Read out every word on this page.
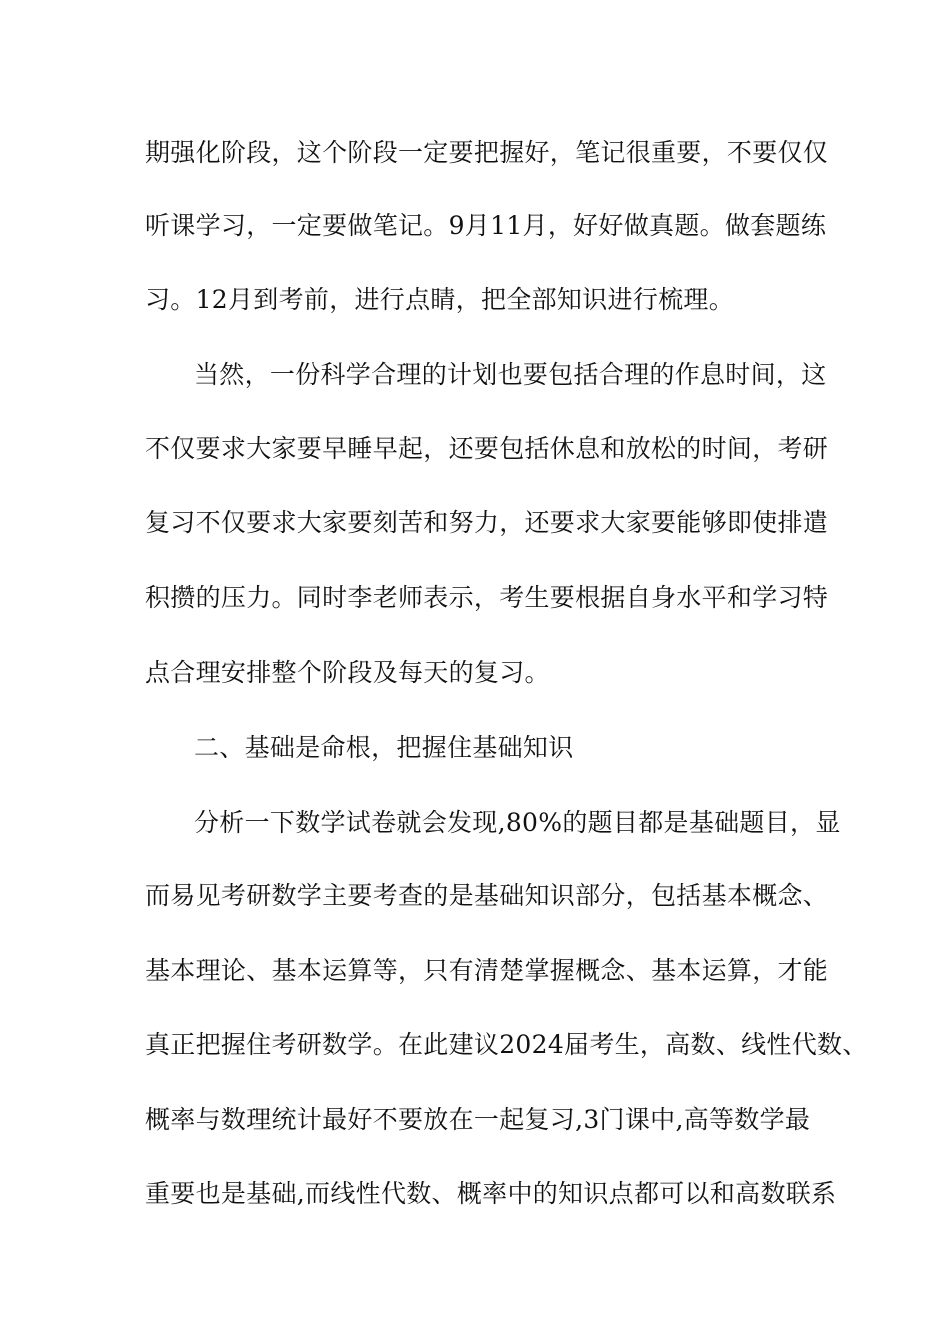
期强化阶段，这个阶段一定要把握好，笔记很重要，不要仅仅
听课学习，一定要做笔记。9月11月，好好做真题。做套题练
习。12月到考前，进行点睛，把全部知识进行梳理。
当然，一份科学合理的计划也要包括合理的作息时间，这
不仅要求大家要早睡早起，还要包括休息和放松的时间，考研
复习不仅要求大家要刻苦和努力，还要求大家要能够即使排遣
积攒的压力。同时李老师表示，考生要根据自身水平和学习特
点合理安排整个阶段及每天的复习。
二、基础是命根，把握住基础知识
分析一下数学试卷就会发现,80%的题目都是基础题目，显
而易见考研数学主要考查的是基础知识部分，包括基本概念、
基本理论、基本运算等，只有清楚掌握概念、基本运算，才能
真正把握住考研数学。在此建议2024届考生，高数、线性代数、
概率与数理统计最好不要放在一起复习,3门课中,高等数学最
重要也是基础,而线性代数、概率中的知识点都可以和高数联系
